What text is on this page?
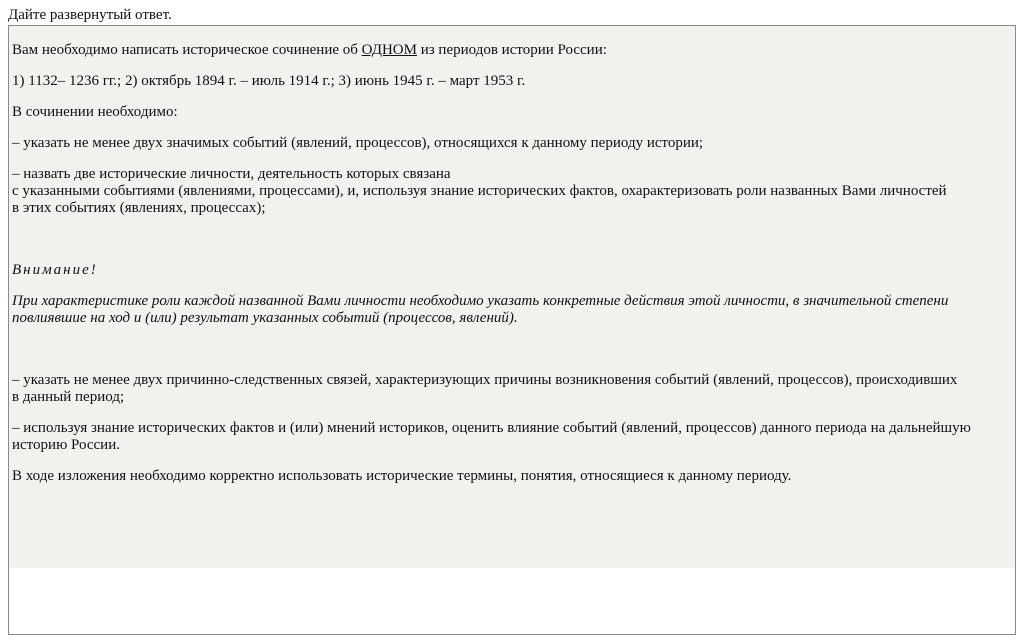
Дайте развернутый ответ.

Вам необходимо написать историческое сочинение об ОДНОМ из периодов истории России:

1) 1132– 1236 гг.; 2) октябрь 1894 г. – июль 1914 г.; 3) июнь 1945 г. – март 1953 г.

В сочинении необходимо:

– указать не менее двух значимых событий (явлений, процессов), относящихся к данному периоду истории;

– назвать две исторические личности, деятельность которых связана
с указанными событиями (явлениями, процессами), и, используя знание исторических фактов, охарактеризовать роли названных Вами личностей
в этих событиях (явлениях, процессах);

Внимание!

При характеристике роли каждой названной Вами личности необходимо указать конкретные действия этой личности, в значительной степени
повлиявшие на ход и (или) результат указанных событий (процессов, явлений).

– указать не менее двух причинно-следственных связей, характеризующих причины возникновения событий (явлений, процессов), происходивших
в данный период;

– используя знание исторических фактов и (или) мнений историков, оценить влияние событий (явлений, процессов) данного периода на дальнейшую
историю России.

В ходе изложения необходимо корректно использовать исторические термины, понятия, относящиеся к данному периоду.
